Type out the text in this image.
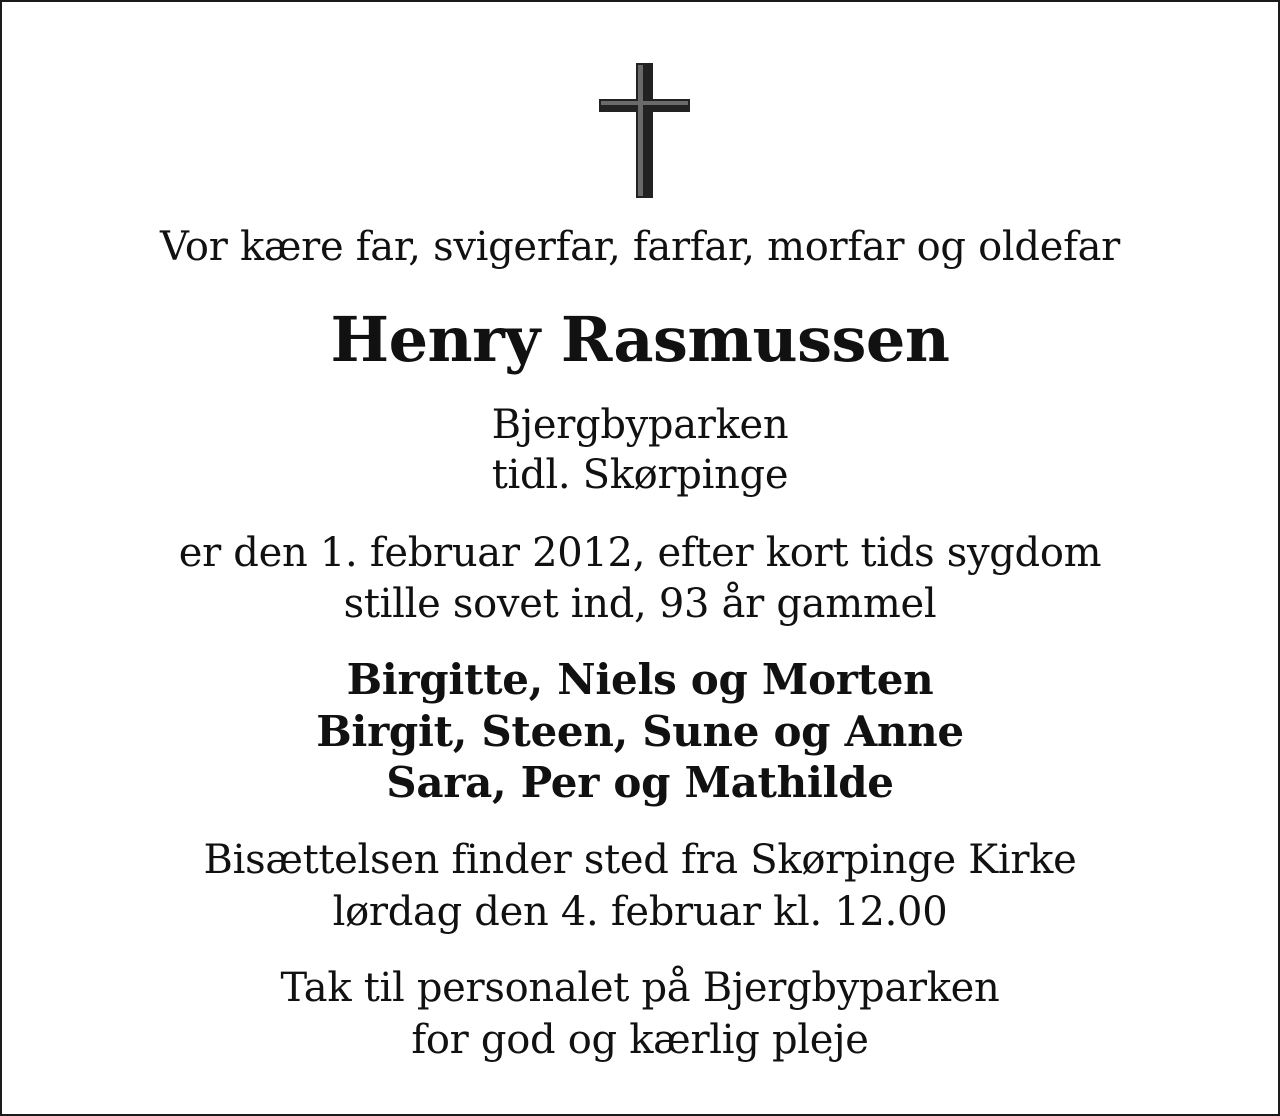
Vor kære far, svigerfar, farfar, morfar og oldefar
Henry Rasmussen
Bjergbyparken
tidl. Skørpinge
er den 1. februar 2012, efter kort tids sygdom
stille sovet ind, 93 år gammel
Birgitte, Niels og Morten
Birgit, Steen, Sune og Anne
Sara, Per og Mathilde
Bisættelsen finder sted fra Skørpinge Kirke
lørdag den 4. februar kl. 12.00
Tak til personalet på Bjergbyparken
for god og kærlig pleje
